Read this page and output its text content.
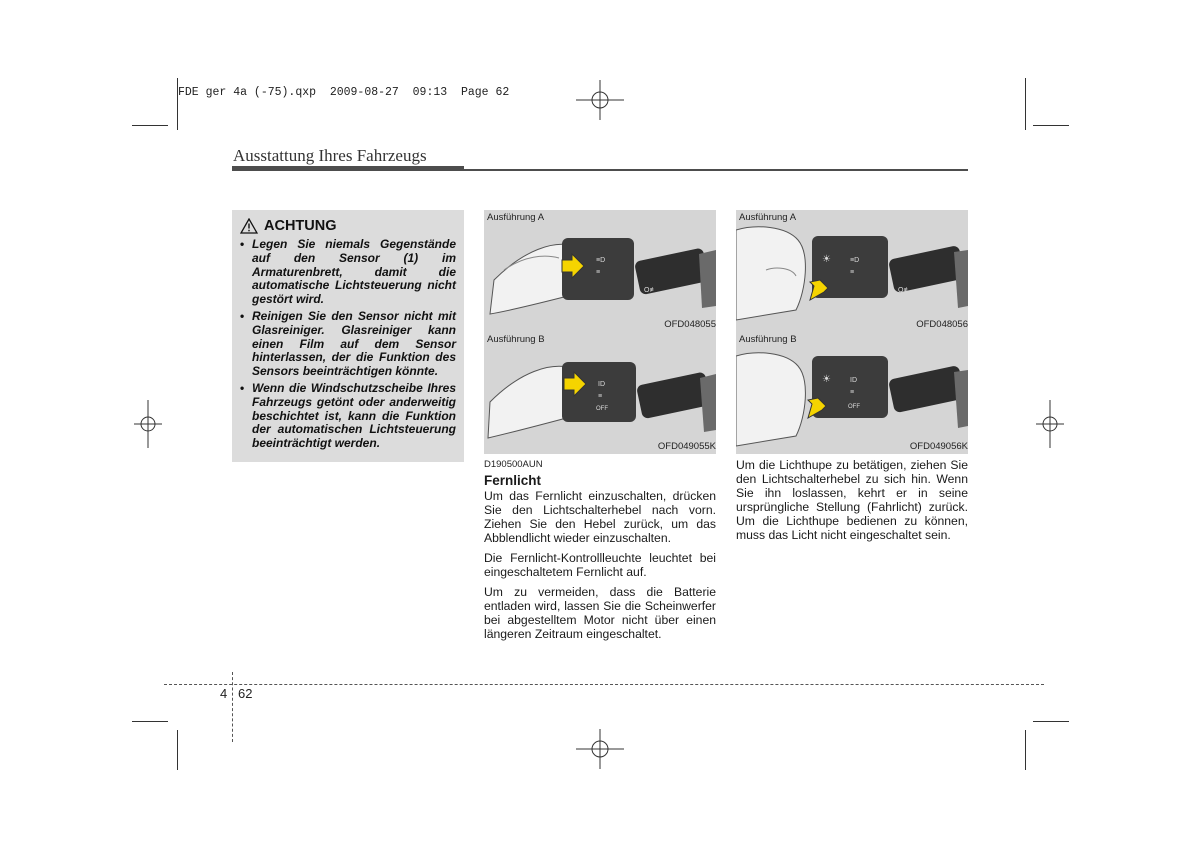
FDE ger 4a (-75).qxp  2009-08-27  09:13  Page 62
Ausstattung Ihres Fahrzeugs
ACHTUNG
• Legen Sie niemals Gegenstände auf den Sensor (1) im Armaturenbrett, damit die automatische Lichtsteuerung nicht gestört wird.
• Reinigen Sie den Sensor nicht mit Glasreiniger. Glasreiniger kann einen Film auf dem Sensor hinterlassen, der die Funktion des Sensors beeinträchtigen könnte.
• Wenn die Windschutzscheibe Ihres Fahrzeugs getönt oder anderweitig beschichtet ist, kann die Funktion der automatischen Lichtsteuerung beeinträchtigt werden.
≡D
≡
O≢
Ausführung A
OFD048055
ID
≡
OFF
Ausführung B
OFD049055K
☀	≡D
≡
O≢
Ausführung A
OFD048056
☀	ID
≡
OFF
Ausführung B
OFD049056K
D190500AUN
Fernlicht

Um das Fernlicht einzuschalten, drücken Sie den Lichtschalterhebel nach vorn. Ziehen Sie den Hebel zurück, um das Abblendlicht wieder einzuschalten.

Die Fernlicht-Kontrollleuchte leuchtet bei eingeschaltetem Fernlicht auf.

Um zu vermeiden, dass die Batterie entladen wird, lassen Sie die Scheinwerfer bei abgestelltem Motor nicht über einen längeren Zeitraum eingeschaltet.

Um die Lichthupe zu betätigen, ziehen Sie den Lichtschalterhebel zu sich hin. Wenn Sie ihn loslassen, kehrt er in seine ursprüngliche Stellung (Fahrlicht) zurück. Um die Lichthupe bedienen zu können, muss das Licht nicht eingeschaltet sein.

4 62
